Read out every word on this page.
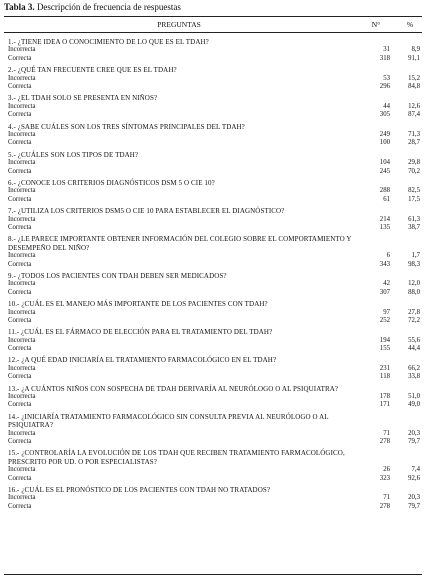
Tabla 3. Descripción de frecuencia de respuestas
PREGUNTAS	N°	%
1.- ¿TIENE IDEA O CONOCIMIENTO DE LO QUE ES EL TDAH?
Incorrecta	31	8,9
Correcta	318	91,1
2.- ¿QUÉ TAN FRECUENTE CREE QUE ES EL TDAH?
Incorrecta	53	15,2
Correcta	296	84,8
3.- ¿EL TDAH SOLO SE PRESENTA EN NIÑOS?
Incorrecta	44	12,6
Correcta	305	87,4
4.- ¿SABE CUÁLES SON LOS TRES SÍNTOMAS PRINCIPALES DEL TDAH?
Incorrecta	249	71,3
Correcta	100	28,7
5.- ¿CUÁLES SON LOS TIPOS DE TDAH?
Incorrecta	104	29,8
Correcta	245	70,2
6.- ¿CONOCE LOS CRITERIOS DIAGNÓSTICOS DSM 5 O CIE 10?
Incorrecta	288	82,5
Correcta	61	17,5
7.- ¿UTILIZA LOS CRITERIOS DSM5 O CIE 10 PARA ESTABLECER EL DIAGNÓSTICO?
Incorrecta	214	61,3
Correcta	135	38,7
8.- ¿LE PARECE IMPORTANTE OBTENER INFORMACIÓN DEL COLEGIO SOBRE EL COMPORTAMIENTO Y DESEMPEÑO DEL NIÑO?
Incorrecta	6	1,7
Correcta	343	98,3
9.- ¿TODOS LOS PACIENTES CON TDAH DEBEN SER MEDICADOS?
Incorrecta	42	12,0
Correcta	307	88,0
10.- ¿CUÁL ES EL MANEJO MÁS IMPORTANTE DE LOS PACIENTES CON TDAH?
Incorrecta	97	27,8
Correcta	252	72,2
11.- ¿CUÁL ES EL FÁRMACO DE ELECCIÓN PARA EL TRATAMIENTO DEL TDAH?
Incorrecta	194	55,6
Correcta	155	44,4
12.- ¿A QUÉ EDAD INICIARÍA EL TRATAMIENTO FARMACOLÓGICO EN EL TDAH?
Incorrecta	231	66,2
Correcta	118	33,8
13.- ¿A CUÁNTOS NIÑOS CON SOSPECHA DE TDAH DERIVARÍA AL NEURÓLOGO O AL PSIQUIATRA?
Incorrecta	178	51,0
Correcta	171	49,0
14.- ¿INICIARÍA TRATAMIENTO FARMACOLÓGICO SIN CONSULTA PREVIA AL NEURÓLOGO O AL PSIQUIATRA?
Incorrecta	71	20,3
Correcta	278	79,7
15.- ¿CONTROLARÍA LA EVOLUCIÓN DE LOS TDAH QUE RECIBEN TRATAMIENTO FARMACOLÓGICO, PRESCRITO POR UD. O POR ESPECIALISTAS?
Incorrecta	26	7,4
Correcta	323	92,6
16.- ¿CUÁL ES EL PRONÓSTICO DE LOS PACIENTES CON TDAH NO TRATADOS?
Incorrecta	71	20,3
Correcta	278	79,7
